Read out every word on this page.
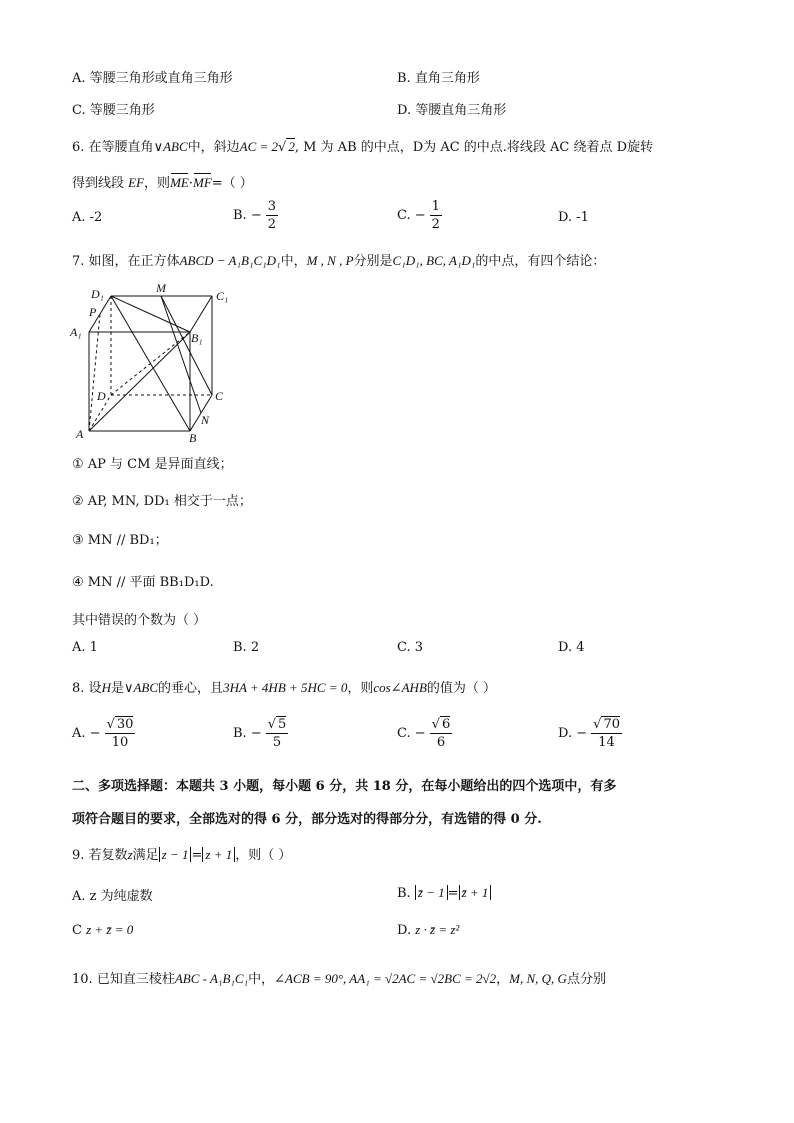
A. 等腰三角形或直角三角形	B. 直角三角形
C. 等腰三角形	D. 等腰直角三角形
6. 在等腰直角∨ABC中，斜边AC = 2√ 2, M 为 AB 的中点，D为 AC 的中点.将线段 AC 绕着点 D旋转
得到线段 EF，则ME·MF=（ ）
A. -2	B. − $\frac{3}{2}$	C. − $\frac{1}{2}$	D. -1
7. 如图，在正方体ABCD − A₁B₁C₁D₁中，M , N , P分别是C₁D₁, BC, A₁D₁的中点，有四个结论：
D₁	M
C₁
P
A₁	B₁
D	C
N
A	B
① AP 与 CM 是异面直线；
② AP, MN, DD₁ 相交于一点；
③ MN // BD₁；
④ MN // 平面 BB₁D₁D.
其中错误的个数为（ ）
A. 1	B. 2	C. 3	D. 4
8. 设H是∨ABC的垂心，且3HA + 4HB + 5HC = 0，则cos∠AHB的值为（ ）
A. − $\frac{√ 30}{10}$	B. − $\frac{√ 5}{5}$	C. − $\frac{√ 6}{6}$	D. − $\frac{√ 70}{14}$
二、多项选择题：本题共 3 小题，每小题 6 分，共 18 分，在每小题给出的四个选项中，有多
项符合题目的要求，全部选对的得 6 分，部分选对的得部分分，有选错的得 0 分.
9. 若复数z满足 z − 1 = z + 1 ，则（ ）
A. z 为纯虚数	B. z̄ − 1 = z̄ + 1
C z + z̄ = 0	D. z · z̄ = z²
10. 已知直三棱柱ABC - A₁B₁C₁中，∠ACB = 90°, AA₁ = √2AC = √2BC = 2√2，M, N, Q, G点分别
